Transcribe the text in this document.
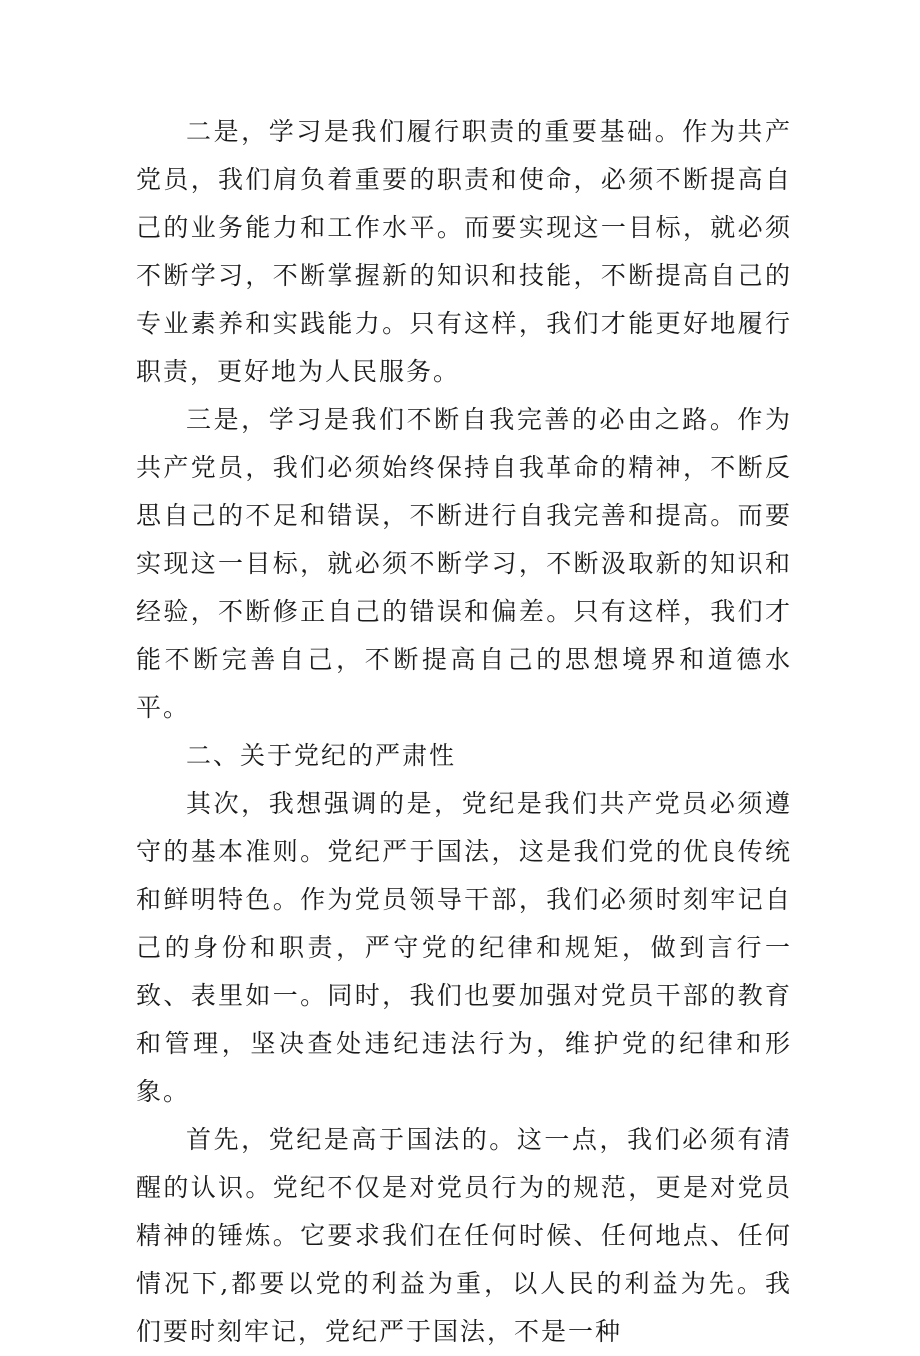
二是，学习是我们履行职责的重要基础。作为共产党员，我们肩负着重要的职责和使命，必须不断提高自己的业务能力和工作水平。而要实现这一目标，就必须不断学习，不断掌握新的知识和技能，不断提高自己的专业素养和实践能力。只有这样，我们才能更好地履行职责，更好地为人民服务。

三是，学习是我们不断自我完善的必由之路。作为共产党员，我们必须始终保持自我革命的精神，不断反思自己的不足和错误，不断进行自我完善和提高。而要实现这一目标，就必须不断学习，不断汲取新的知识和经验，不断修正自己的错误和偏差。只有这样，我们才能不断完善自己，不断提高自己的思想境界和道德水平。

二、关于党纪的严肃性

其次，我想强调的是，党纪是我们共产党员必须遵守的基本准则。党纪严于国法，这是我们党的优良传统和鲜明特色。作为党员领导干部，我们必须时刻牢记自己的身份和职责，严守党的纪律和规矩，做到言行一致、表里如一。同时，我们也要加强对党员干部的教育和管理，坚决查处违纪违法行为，维护党的纪律和形象。

首先，党纪是高于国法的。这一点，我们必须有清醒的认识。党纪不仅是对党员行为的规范，更是对党员精神的锤炼。它要求我们在任何时候、任何地点、任何情况下,都要以党的利益为重，以人民的利益为先。我们要时刻牢记，党纪严于国法，不是一种
